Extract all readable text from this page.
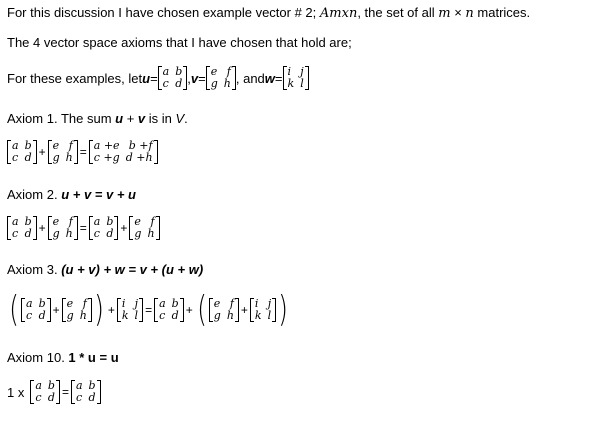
For this discussion I have chosen example vector # 2; Amxn, the set of all m × n matrices.
The 4 vector space axioms that I have chosen that hold are;
For these examples, let u = a	b
c	d , v = e	f
g	h , and w = i	j
k	l
Axiom 1. The sum u + v is in V.
a	b
c	d + e	f
g	h = a +e	b +f
c +g	d +h
Axiom 2. u + v = v + u
a	b
c	d + e	f
g	h = a	b
c	d + e	f
g	h
Axiom 3. (u + v) + w = v + (u + w)
( a	b
c	d + e	f
g	h ) + i	j
k	l = a	b
c	d + ( e	f
g	h + i	j
k	l )
Axiom 10. 1 * u = u
1 x	a	b
c	d = a	b
c	d
